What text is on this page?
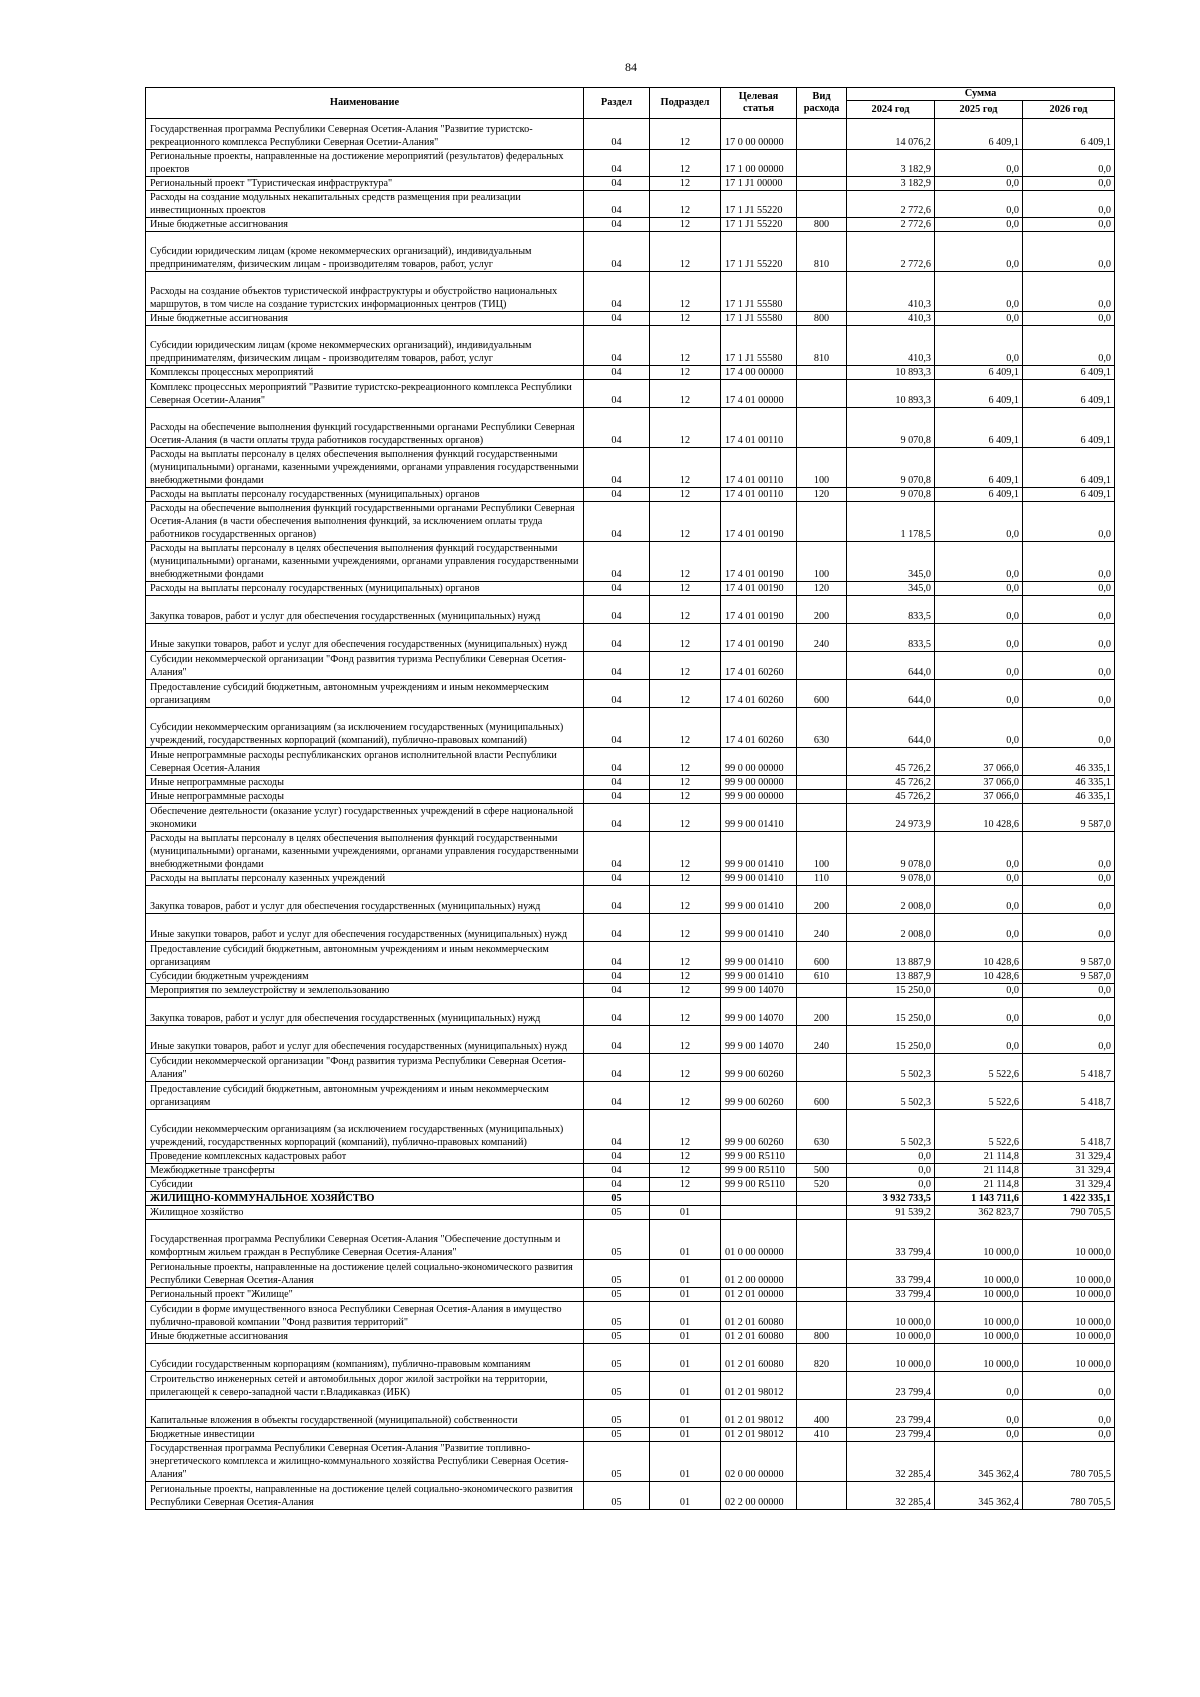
84
Наименование	Раздел	Подраздел	Целевая статья	Вид расхода	Сумма		
					2024 год	2025 год	2026 год
Государственная программа Республики Северная Осетия-Алания "Развитие туристско-рекреационного комплекса Республики Северная Осетии-Алания"	04	12	17 0 00 00000		14 076,2	6 409,1	6 409,1
Региональные проекты, направленные на достижение мероприятий (результатов) федеральных проектов	04	12	17 1 00 00000		3 182,9	0,0	0,0
Региональный проект "Туристическая инфраструктура"	04	12	17 1 J1 00000		3 182,9	0,0	0,0
Расходы на создание модульных некапитальных средств размещения при реализации инвестиционных проектов	04	12	17 1 J1 55220		2 772,6	0,0	0,0
Иные бюджетные ассигнования	04	12	17 1 J1 55220	800	2 772,6	0,0	0,0
Субсидии юридическим лицам (кроме некоммерческих организаций), индивидуальным предпринимателям, физическим лицам - производителям товаров, работ, услуг	04	12	17 1 J1 55220	810	2 772,6	0,0	0,0
Расходы на создание объектов туристической инфраструктуры и обустройство национальных маршрутов, в том числе на создание туристских информационных центров (ТИЦ)	04	12	17 1 J1 55580		410,3	0,0	0,0
Иные бюджетные ассигнования	04	12	17 1 J1 55580	800	410,3	0,0	0,0
Субсидии юридическим лицам (кроме некоммерческих организаций), индивидуальным предпринимателям, физическим лицам - производителям товаров, работ, услуг	04	12	17 1 J1 55580	810	410,3	0,0	0,0
Комплексы процессных мероприятий	04	12	17 4 00 00000		10 893,3	6 409,1	6 409,1
Комплекс процессных мероприятий "Развитие туристско-рекреационного комплекса Республики Северная Осетии-Алания"	04	12	17 4 01 00000		10 893,3	6 409,1	6 409,1
Расходы на обеспечение выполнения функций государственными органами Республики Северная Осетия-Алания (в части оплаты труда работников государственных органов)	04	12	17 4 01 00110		9 070,8	6 409,1	6 409,1
Расходы на выплаты персоналу в целях обеспечения выполнения функций государственными (муниципальными) органами, казенными учреждениями, органами управления государственными внебюджетными фондами	04	12	17 4 01 00110	100	9 070,8	6 409,1	6 409,1
Расходы на выплаты персоналу государственных (муниципальных) органов	04	12	17 4 01 00110	120	9 070,8	6 409,1	6 409,1
Расходы на обеспечение выполнения функций государственными органами Республики Северная Осетия-Алания (в части обеспечения выполнения функций, за исключением оплаты труда работников государственных органов)	04	12	17 4 01 00190		1 178,5	0,0	0,0
Расходы на выплаты персоналу в целях обеспечения выполнения функций государственными (муниципальными) органами, казенными учреждениями, органами управления государственными внебюджетными фондами	04	12	17 4 01 00190	100	345,0	0,0	0,0
Расходы на выплаты персоналу государственных (муниципальных) органов	04	12	17 4 01 00190	120	345,0	0,0	0,0
Закупка товаров, работ и услуг для обеспечения государственных (муниципальных) нужд	04	12	17 4 01 00190	200	833,5	0,0	0,0
Иные закупки товаров, работ и услуг для обеспечения государственных (муниципальных) нужд	04	12	17 4 01 00190	240	833,5	0,0	0,0
Субсидии некоммерческой организации "Фонд развития туризма Республики Северная Осетия-Алания"	04	12	17 4 01 60260		644,0	0,0	0,0
Предоставление субсидий бюджетным, автономным учреждениям и иным некоммерческим организациям	04	12	17 4 01 60260	600	644,0	0,0	0,0
Субсидии некоммерческим организациям (за исключением государственных (муниципальных) учреждений, государственных корпораций (компаний), публично-правовых компаний)	04	12	17 4 01 60260	630	644,0	0,0	0,0
Иные непрограммные расходы республиканских органов исполнительной власти Республики Северная Осетия-Алания	04	12	99 0 00 00000		45 726,2	37 066,0	46 335,1
Иные непрограммные расходы	04	12	99 9 00 00000		45 726,2	37 066,0	46 335,1
Иные непрограммные расходы	04	12	99 9 00 00000		45 726,2	37 066,0	46 335,1
Обеспечение деятельности (оказание услуг) государственных учреждений в сфере национальной экономики	04	12	99 9 00 01410		24 973,9	10 428,6	9 587,0
Расходы на выплаты персоналу в целях обеспечения выполнения функций государственными (муниципальными) органами, казенными учреждениями, органами управления государственными внебюджетными фондами	04	12	99 9 00 01410	100	9 078,0	0,0	0,0
Расходы на выплаты персоналу казенных учреждений	04	12	99 9 00 01410	110	9 078,0	0,0	0,0
Закупка товаров, работ и услуг для обеспечения государственных (муниципальных) нужд	04	12	99 9 00 01410	200	2 008,0	0,0	0,0
Иные закупки товаров, работ и услуг для обеспечения государственных (муниципальных) нужд	04	12	99 9 00 01410	240	2 008,0	0,0	0,0
Предоставление субсидий бюджетным, автономным учреждениям и иным некоммерческим организациям	04	12	99 9 00 01410	600	13 887,9	10 428,6	9 587,0
Субсидии бюджетным учреждениям	04	12	99 9 00 01410	610	13 887,9	10 428,6	9 587,0
Мероприятия по землеустройству и землепользованию	04	12	99 9 00 14070		15 250,0	0,0	0,0
Закупка товаров, работ и услуг для обеспечения государственных (муниципальных) нужд	04	12	99 9 00 14070	200	15 250,0	0,0	0,0
Иные закупки товаров, работ и услуг для обеспечения государственных (муниципальных) нужд	04	12	99 9 00 14070	240	15 250,0	0,0	0,0
Субсидии некоммерческой организации "Фонд развития туризма Республики Северная Осетия-Алания"	04	12	99 9 00 60260		5 502,3	5 522,6	5 418,7
Предоставление субсидий бюджетным, автономным учреждениям и иным некоммерческим организациям	04	12	99 9 00 60260	600	5 502,3	5 522,6	5 418,7
Субсидии некоммерческим организациям (за исключением государственных (муниципальных) учреждений, государственных корпораций (компаний), публично-правовых компаний)	04	12	99 9 00 60260	630	5 502,3	5 522,6	5 418,7
Проведение комплексных кадастровых работ	04	12	99 9 00 R5110		0,0	21 114,8	31 329,4
Межбюджетные трансферты	04	12	99 9 00 R5110	500	0,0	21 114,8	31 329,4
Субсидии	04	12	99 9 00 R5110	520	0,0	21 114,8	31 329,4
ЖИЛИЩНО-КОММУНАЛЬНОЕ ХОЗЯЙСТВО	05				3 932 733,5	1 143 711,6	1 422 335,1
Жилищное хозяйство	05	01			91 539,2	362 823,7	790 705,5
Государственная программа Республики Северная Осетия-Алания "Обеспечение доступным и комфортным жильем граждан в Республике Северная Осетия-Алания"	05	01	01 0 00 00000		33 799,4	10 000,0	10 000,0
Региональные проекты, направленные на достижение целей социально-экономического развития Республики Северная Осетия-Алания	05	01	01 2 00 00000		33 799,4	10 000,0	10 000,0
Региональный проект "Жилище"	05	01	01 2 01 00000		33 799,4	10 000,0	10 000,0
Субсидии в форме имущественного взноса Республики Северная Осетия-Алания в имущество публично-правовой компании "Фонд развития территорий"	05	01	01 2 01 60080		10 000,0	10 000,0	10 000,0
Иные бюджетные ассигнования	05	01	01 2 01 60080	800	10 000,0	10 000,0	10 000,0
Субсидии государственным корпорациям (компаниям), публично-правовым компаниям	05	01	01 2 01 60080	820	10 000,0	10 000,0	10 000,0
Строительство инженерных сетей и автомобильных дорог жилой застройки на территории, прилегающей к северо-западной части г.Владикавказ (ИБК)	05	01	01 2 01 98012		23 799,4	0,0	0,0
Капитальные вложения в объекты государственной (муниципальной) собственности	05	01	01 2 01 98012	400	23 799,4	0,0	0,0
Бюджетные инвестиции	05	01	01 2 01 98012	410	23 799,4	0,0	0,0
Государственная программа Республики Северная Осетия-Алания "Развитие топливно-энергетического комплекса и жилищно-коммунального хозяйства Республики Северная Осетия-Алания"	05	01	02 0 00 00000		32 285,4	345 362,4	780 705,5
Региональные проекты, направленные на достижение целей социально-экономического развития Республики Северная Осетия-Алания	05	01	02 2 00 00000		32 285,4	345 362,4	780 705,5
